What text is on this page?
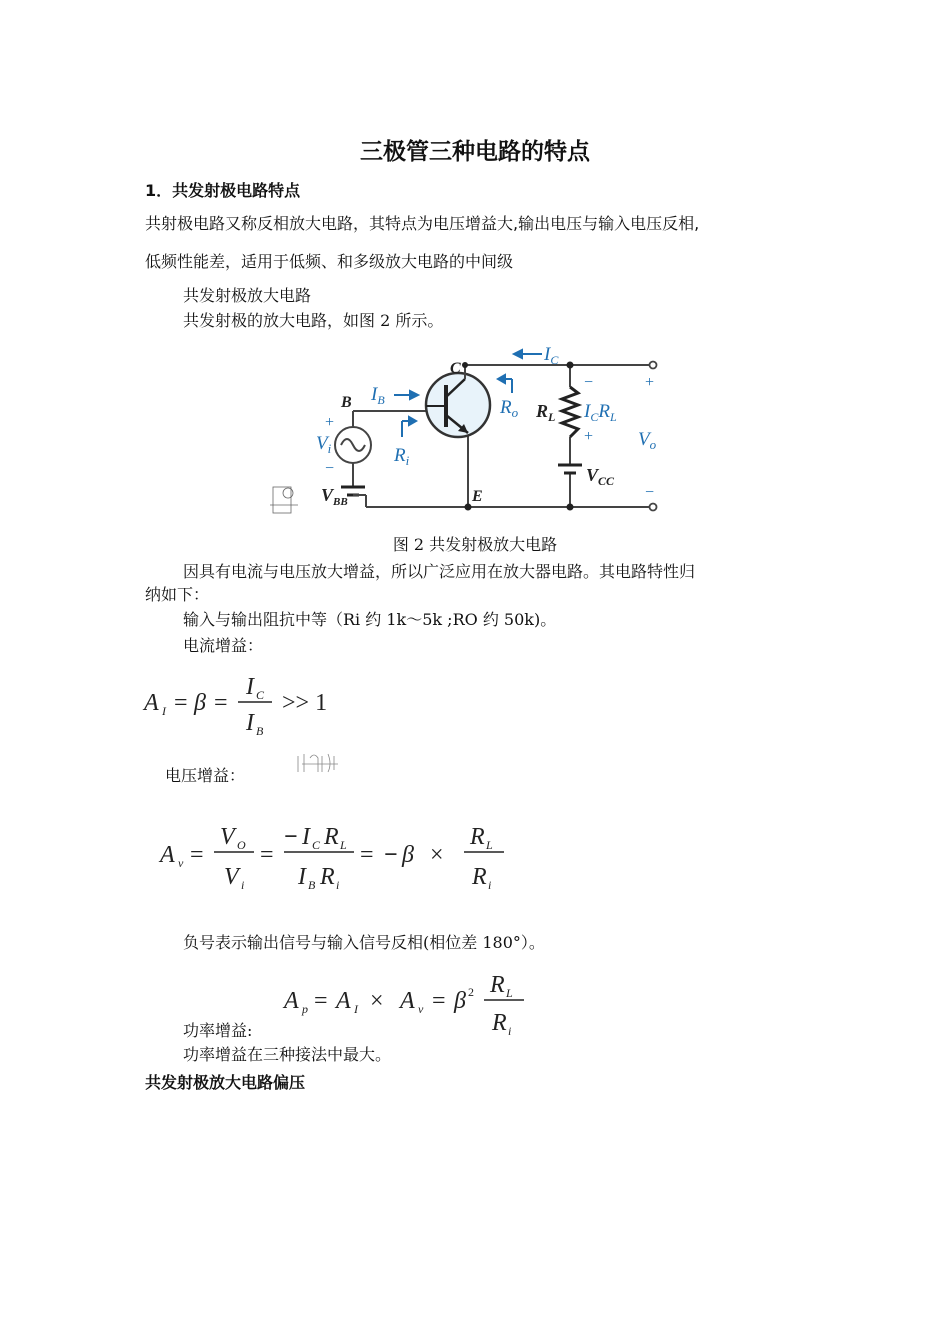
三极管三种电路的特点
1．共发射极电路特点
共射极电路又称反相放大电路，其特点为电压增益大,输出电压与输入电压反相,
低频性能差，适用于低频、和多级放大电路的中间级
共发射极放大电路
共发射极的放大电路，如图 2 所示。
C
B
E
$I_C$
$I_B$	$R_o$
$R_i$
$I_CR_L$
$V_i$	$V_o$
$R_L$
$V_{BB}$
$V_{CC}$
+
−
−
+
+
−
图 2 共发射极放大电路
因具有电流与电压放大增益，所以广泛应用在放大器电路。其电路特性归
纳如下：
输入与输出阻抗中等（Ri 约 1k～5k ;RO 约 50k)。
电流增益：
A I = β =
I C
I B
>> 1
电压增益：
A v =
V O
V i
=
− I C R L
I B R i
= − β ×
R L
R i
负号表示输出信号与输入信号反相(相位差 180°）。
A p = A I × A v = β 2 R L
R i
功率增益:
功率增益在三种接法中最大。
共发射极放大电路偏压
